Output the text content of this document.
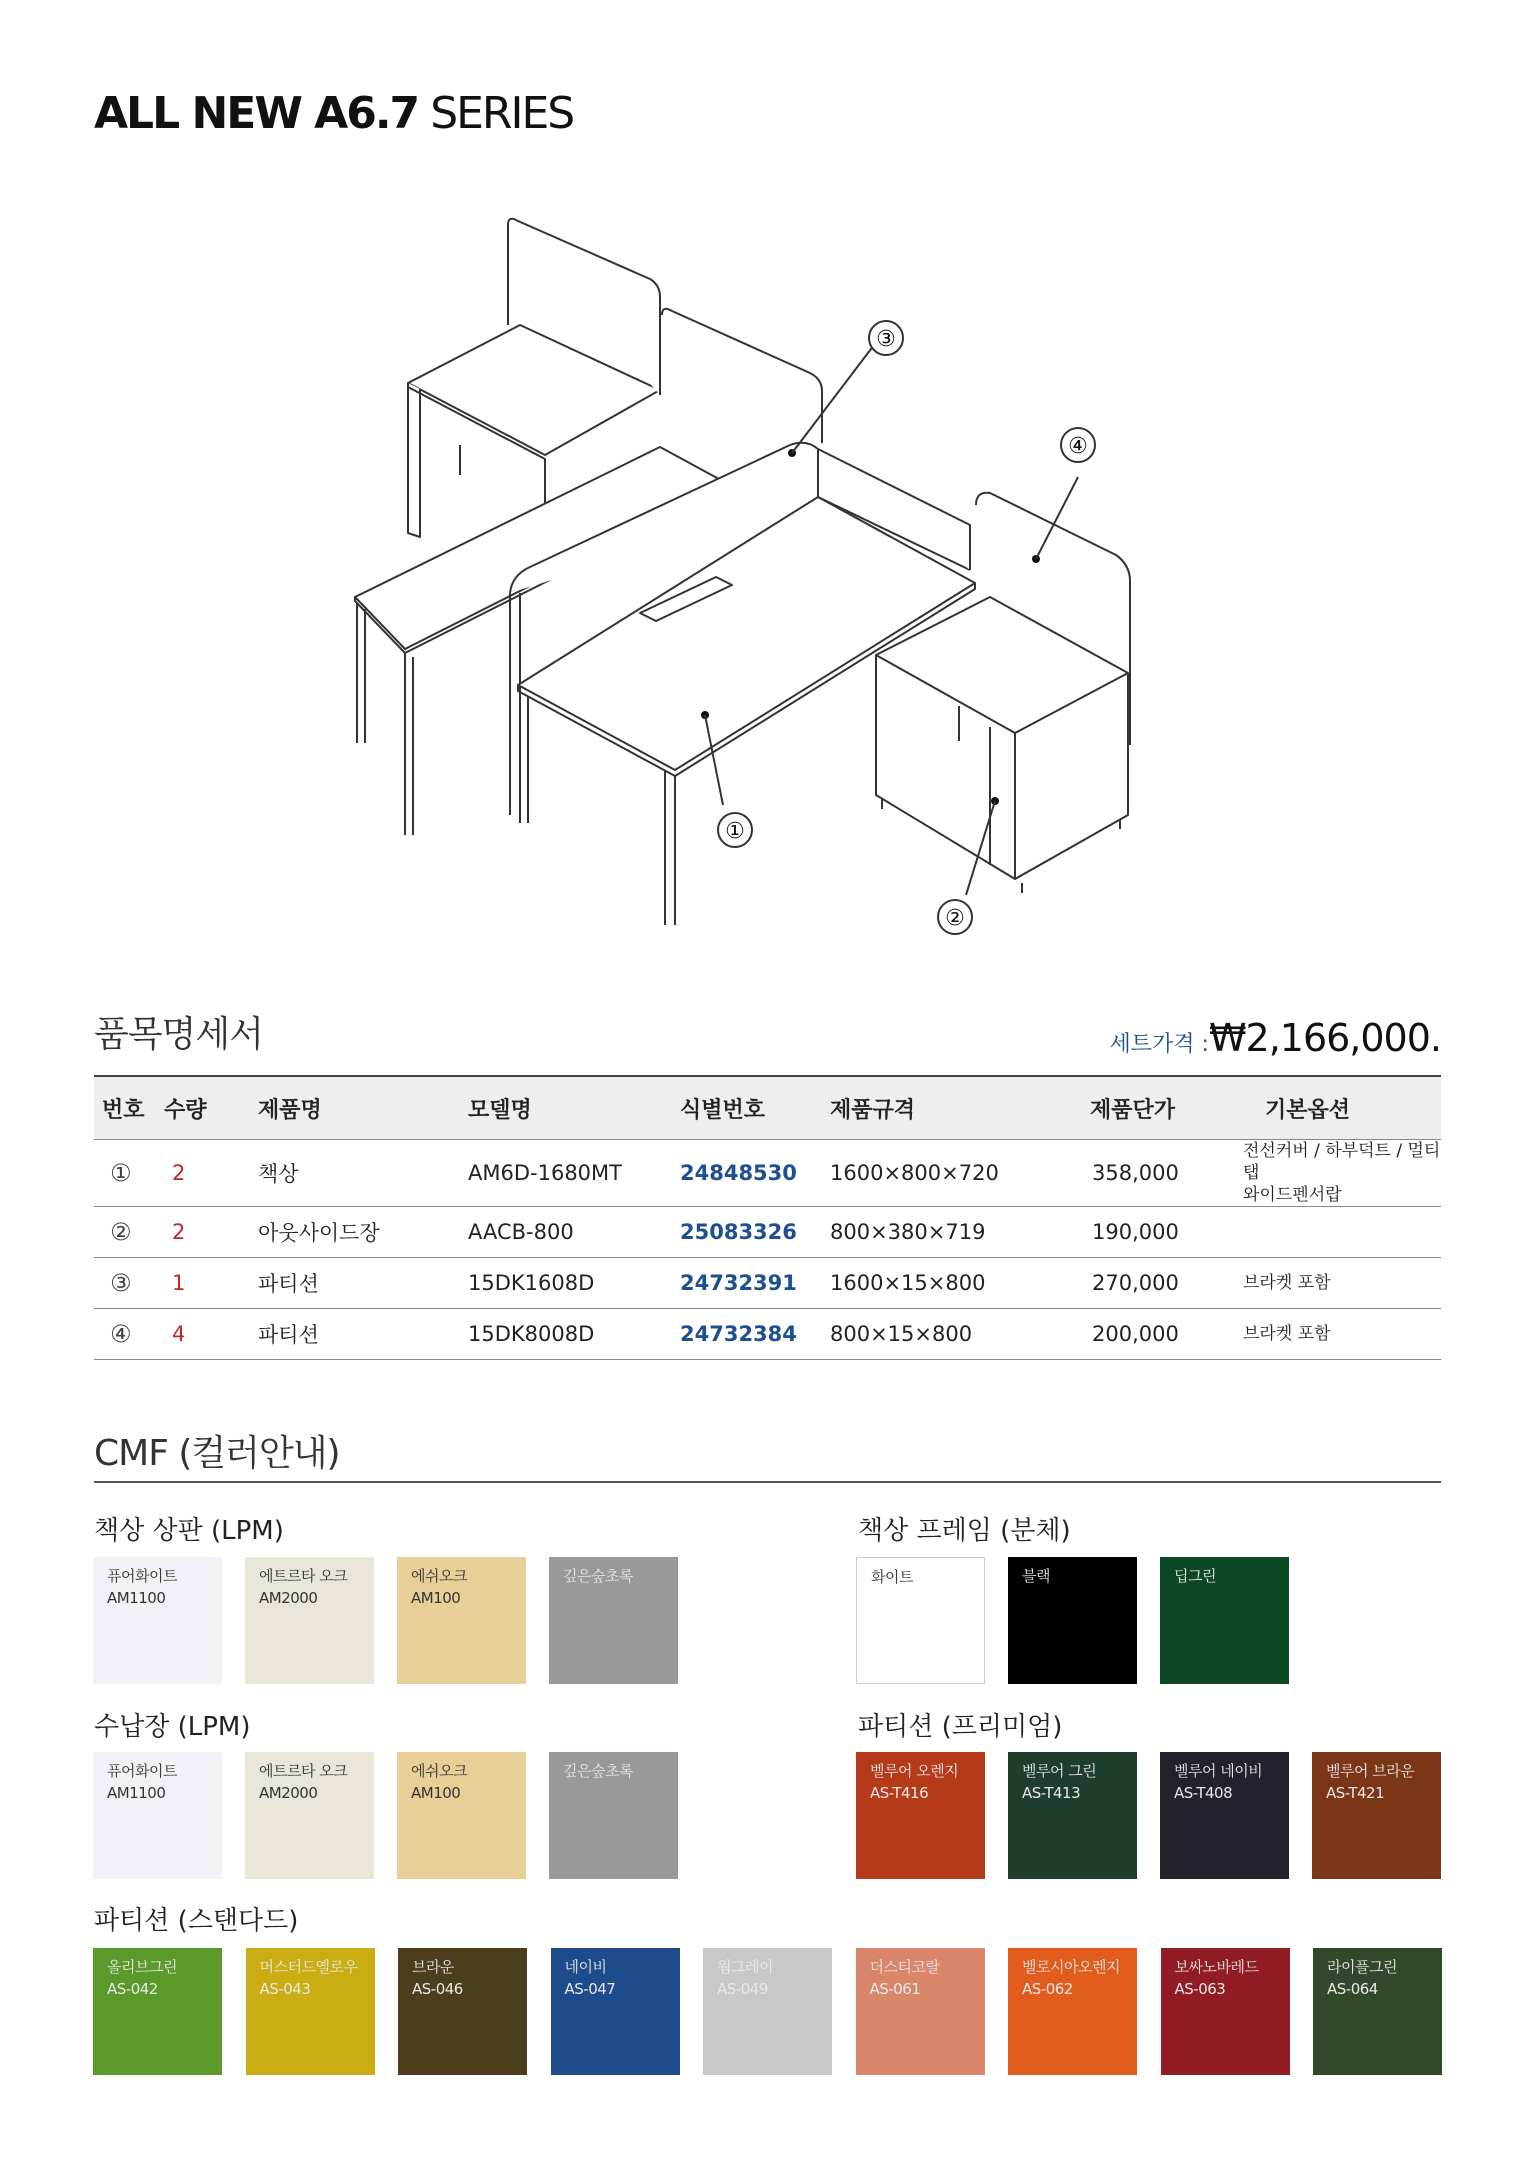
ALL NEW A6.7 SERIES
①
②
③
④
품목명세서	세트가격 :₩2,166,000.
번호	수량	제품명	모델명	식별번호	제품규격	제품단가	기본옵션
①	2	책상	AM6D-1680MT	24848530	1600×800×720	358,000	전선커버 / 하부덕트 / 멀티탭
와이드펜서랍

②	2	아웃사이드장	AACB-800	25083326	800×380×719	190,000	
③	1	파티션	15DK1608D	24732391	1600×15×800	270,000	브라켓 포함
④	4	파티션	15DK8008D	24732384	800×15×800	200,000	브라켓 포함
CMF (컬러안내)
책상 상판 (LPM)	책상 프레임 (분체)
수납장 (LPM)	파티션 (프리미엄)
파티션 (스탠다드)
퓨어화이트
AM1100
에트르타 오크
AM2000
에쉬오크
AM100
깊은숲초록	화이트	블랙	딥그린
퓨어화이트
AM1100
에트르타 오크
AM2000
에쉬오크
AM100
깊은숲초록	벨루어 오렌지
AS-T416
벨루어 그린
AS-T413
벨루어 네이비
AS-T408
벨루어 브라운
AS-T421
올리브그린
AS-042
머스터드옐로우
AS-043
브라운
AS-046
네이비
AS-047
웜그레이
AS-049
더스티코랄
AS-061
벨로시아오렌지
AS-062
보싸노바레드
AS-063
라이플그린
AS-064
